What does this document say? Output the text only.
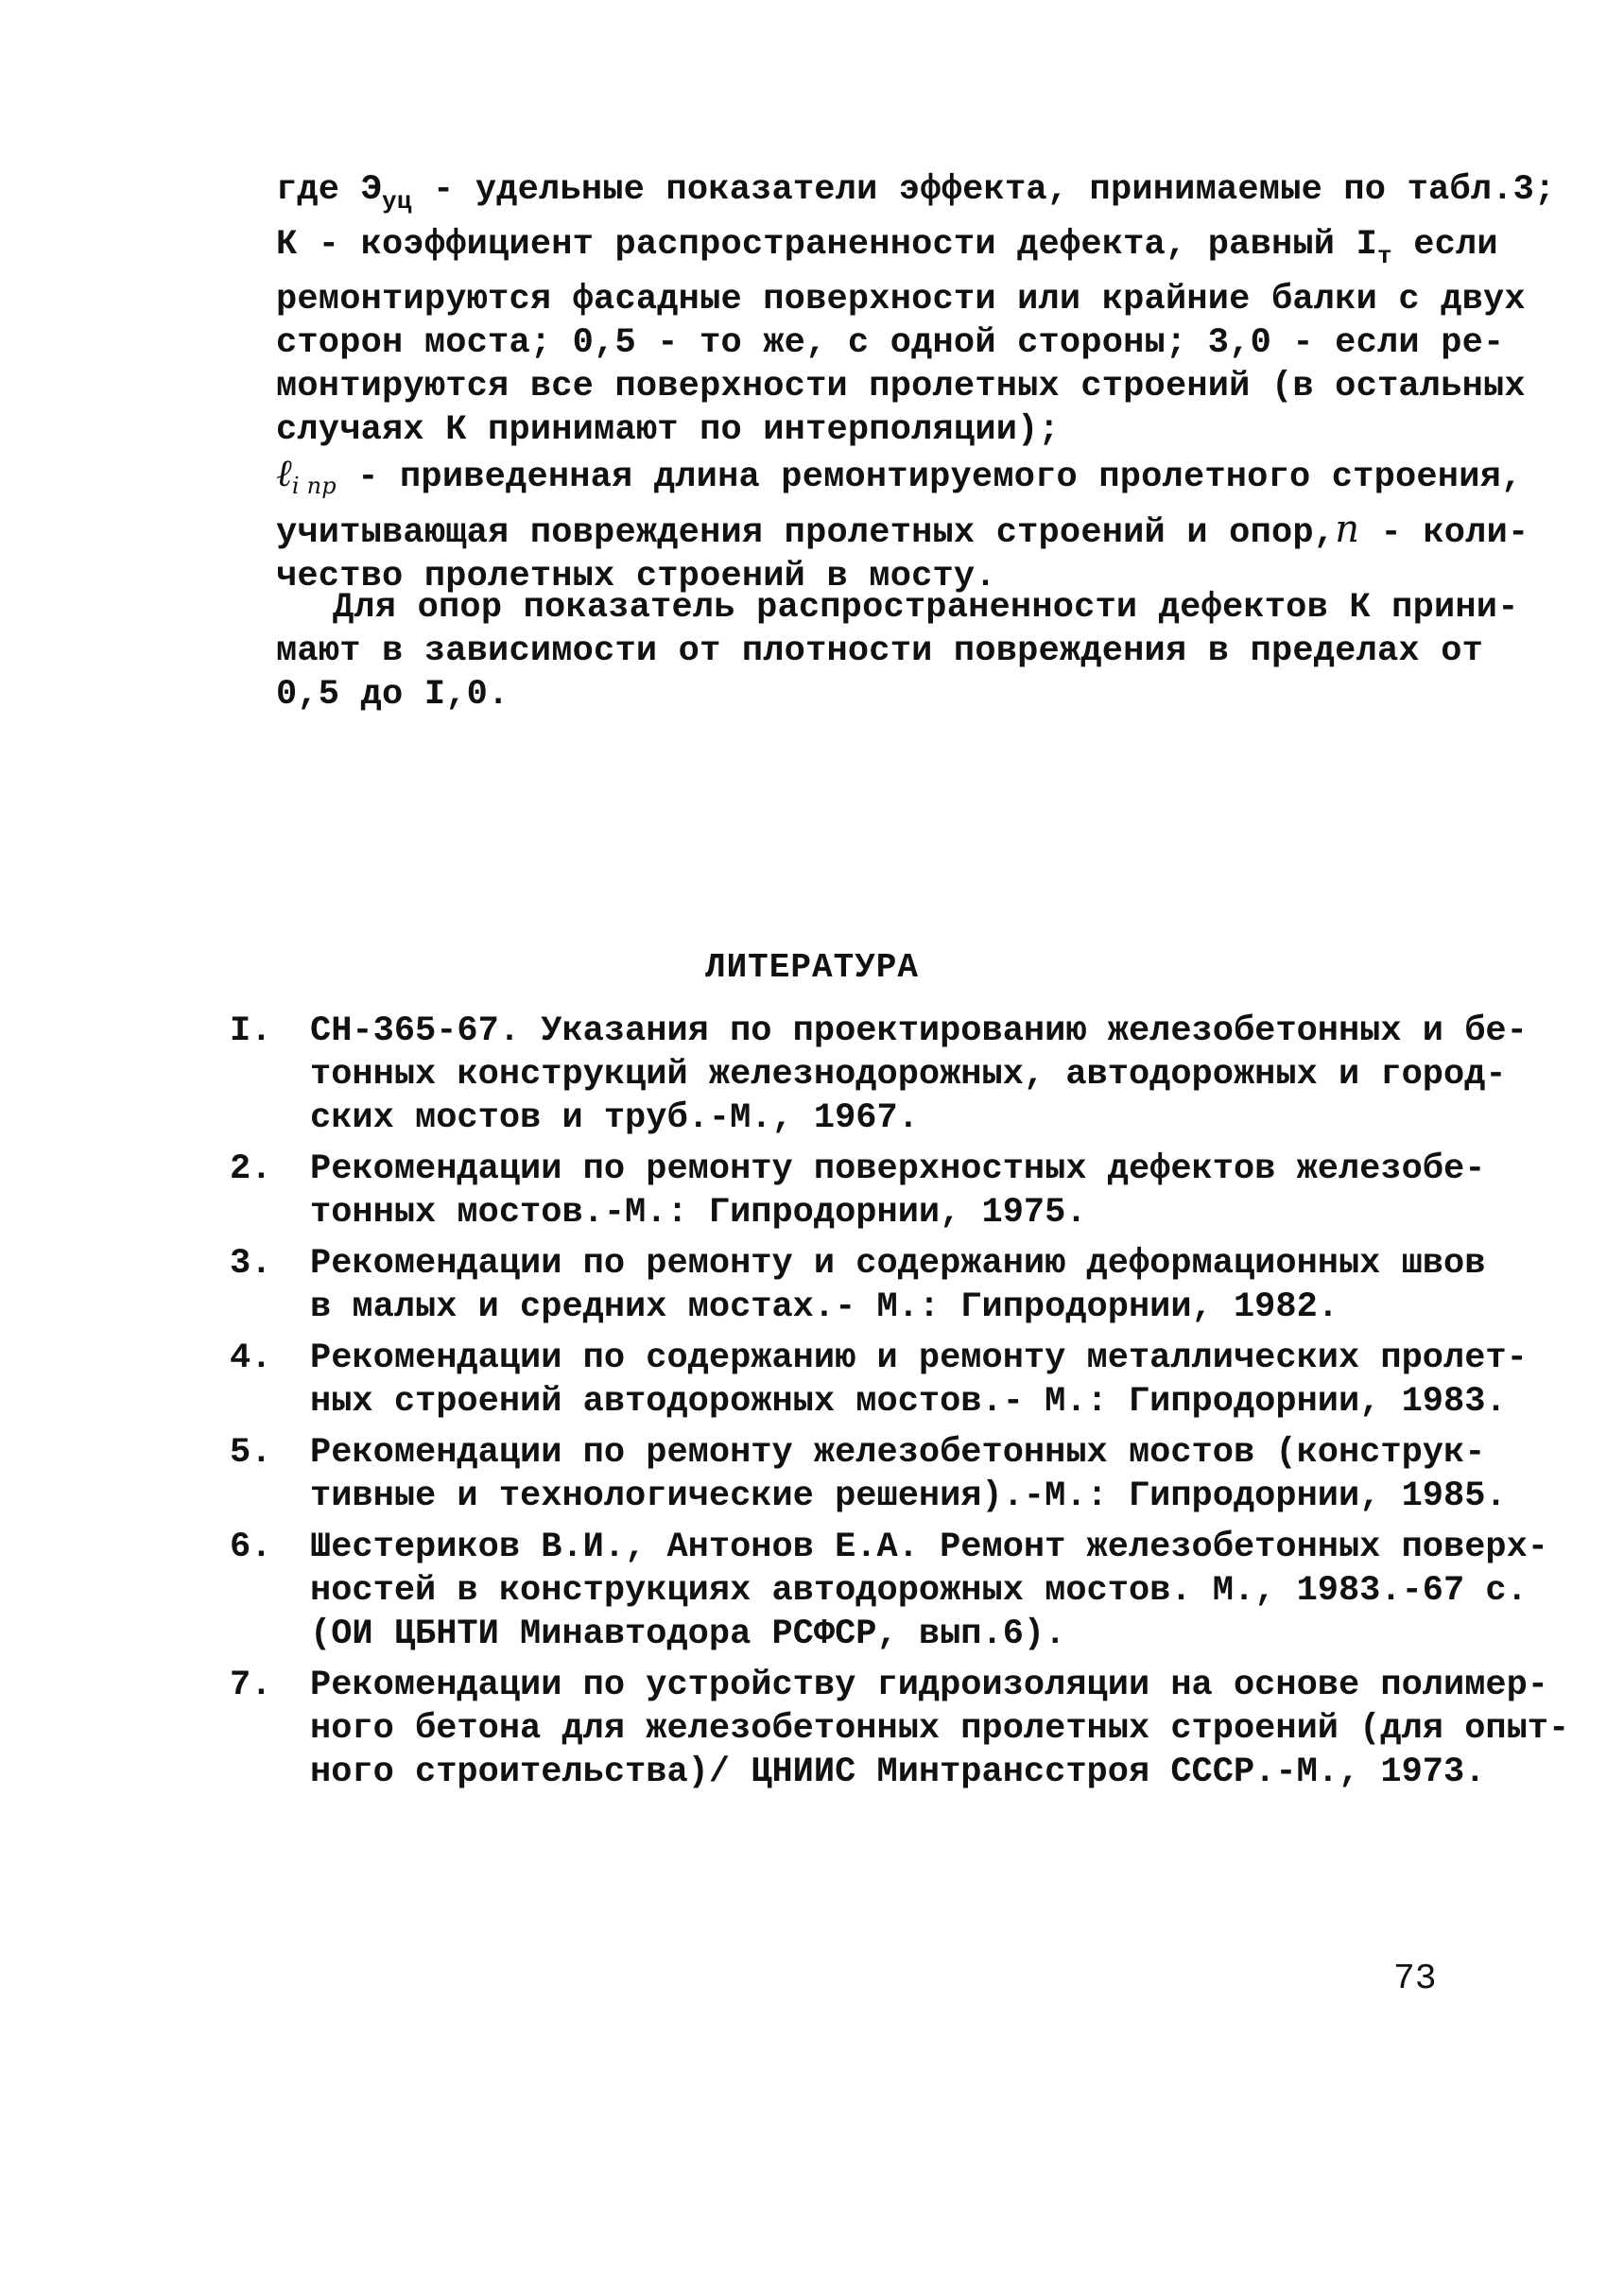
где $Э_{уц}$ - удельные показатели эффекта, принимаемые по табл.3;
К - коэффициент распространенности дефекта, равный $I_т$ если
ремонтируются фасадные поверхности или крайние балки с двух
сторон моста; 0,5 - то же, с одной стороны; 3,0 - если ре-
монтируются все поверхности пролетных строений (в остальных
случаях К принимают по интерполяции);
ℓ$_{i пр}$ - приведенная длина ремонтируемого пролетного строения,
учитывающая повреждения пролетных строений и опор,n - коли-
чество пролетных строений в мосту.
Для опор показатель распространенности дефектов К прини-
мают в зависимости от плотности повреждения в пределах от
0,5 до I,0.
ЛИТЕРАТУРА
I. СН-365-67. Указания по проектированию железобетонных и бе-
тонных конструкций железнодорожных, автодорожных и город-
ских мостов и труб.-М., 1967.
2. Рекомендации по ремонту поверхностных дефектов железобе-
тонных мостов.-М.: Гипродорнии, 1975.
3. Рекомендации по ремонту и содержанию деформационных швов
в малых и средних мостах.- М.: Гипродорнии, 1982.
4. Рекомендации по содержанию и ремонту металлических пролет-
ных строений автодорожных мостов.- М.: Гипродорнии, 1983.
5. Рекомендации по ремонту железобетонных мостов (конструк-
тивные и технологические решения).-М.: Гипродорнии, 1985.
6. Шестериков В.И., Антонов Е.А. Ремонт железобетонных поверх-
ностей в конструкциях автодорожных мостов. М., 1983.-67 с.
(ОИ ЦБНТИ Минавтодора РСФСР, вып.6).
7. Рекомендации по устройству гидроизоляции на основе полимер-
ного бетона для железобетонных пролетных строений (для опыт-
ного строительства)/ ЦНИИС Минтрансстроя СССР.-М., 1973.
73
